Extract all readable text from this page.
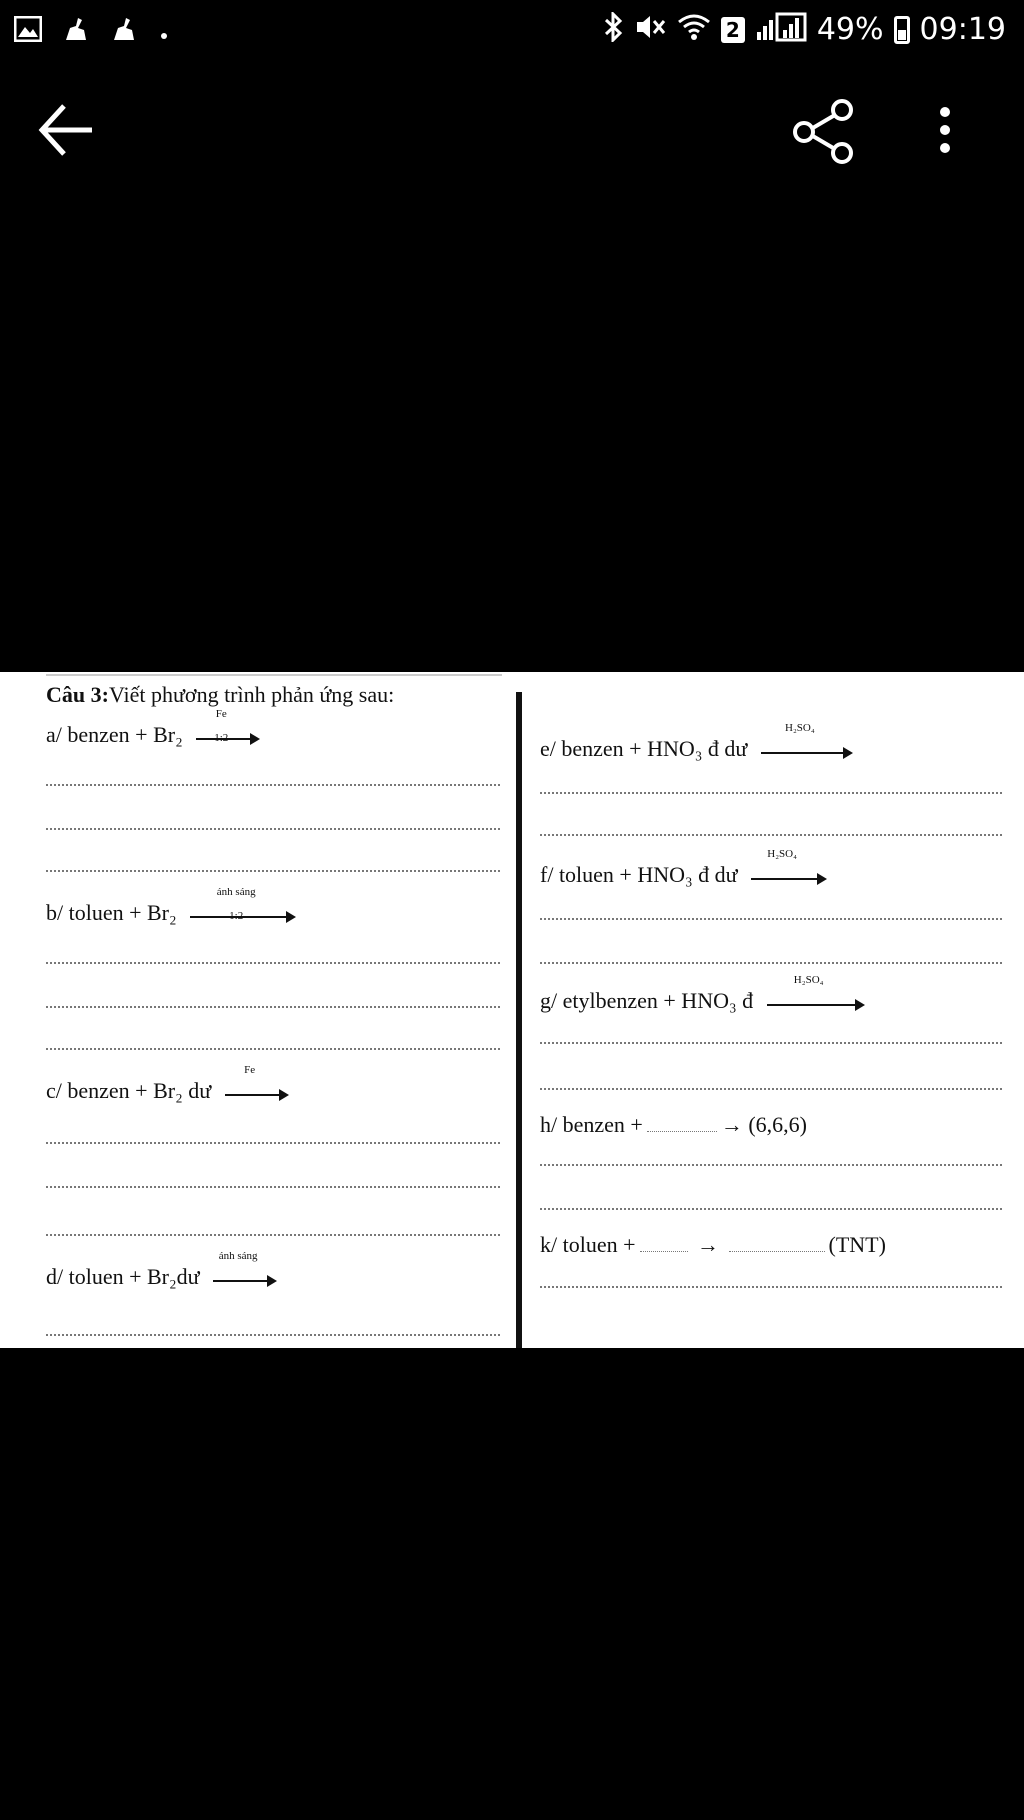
2	49% 09:19
Câu 3:Viết phương trình phản ứng sau:
a/ benzen + $Br_2 \frac{Fe}{1:2}$
b/ toluen + Br₂
ánh sáng
1:2
c/ benzen + Br₂ dư
Fe
d/ toluen + Br₂dư
ánh sáng
e/ benzen + HNO₃ đ dư
H₂SO₄
f/ toluen + HNO₃ đ dư
H₂SO₄
g/ etylbenzen + HNO₃ đ
H₂SO₄
h/ benzen +	→ (6,6,6)
k/ toluen +	→	(TNT)
